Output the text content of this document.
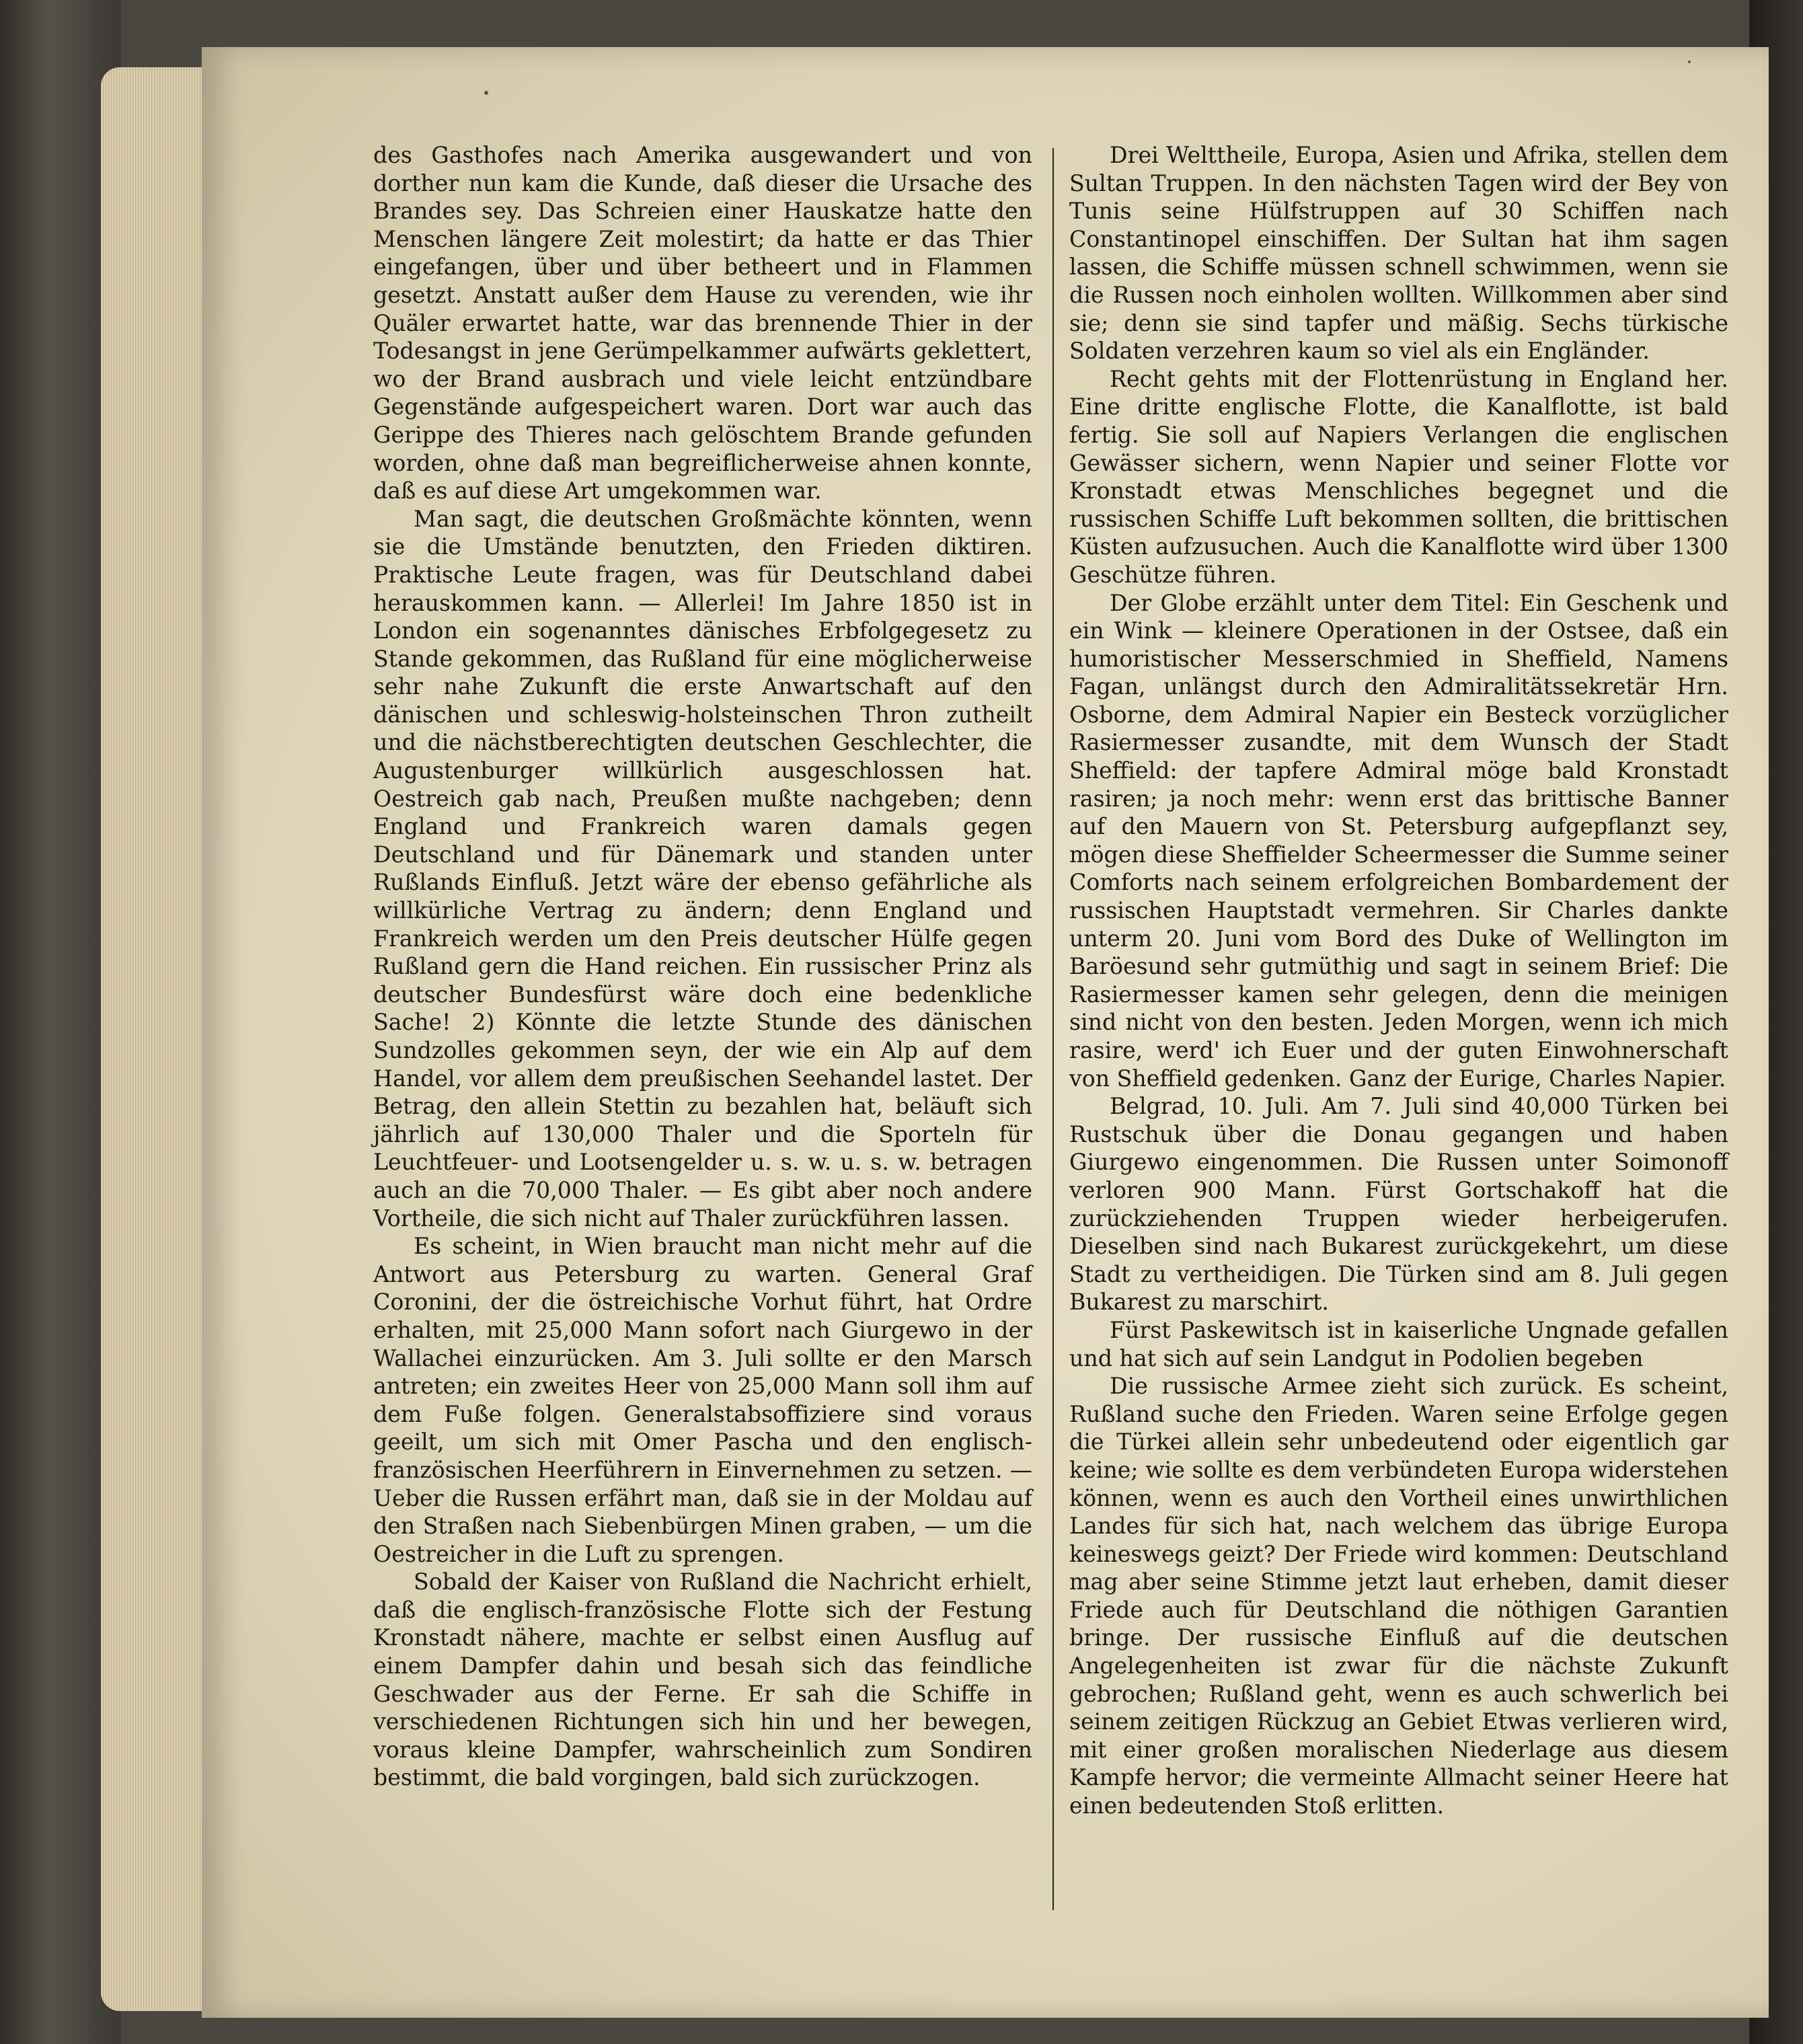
des Gasthofes nach Amerika ausgewandert und von dorther nun kam die Kunde, daß dieser die Ursache des Brandes sey. Das Schreien einer Hauskatze hatte den Menschen längere Zeit molestirt; da hatte er das Thier eingefangen, über und über betheert und in Flammen gesetzt. Anstatt außer dem Hause zu verenden, wie ihr Quäler erwartet hatte, war das brennende Thier in der Todesangst in jene Gerümpelkammer aufwärts geklettert, wo der Brand ausbrach und viele leicht entzündbare Gegenstände aufgespeichert waren. Dort war auch das Gerippe des Thieres nach gelöschtem Brande gefunden worden, ohne daß man begreiflicherweise ahnen konnte, daß es auf diese Art umgekommen war.

Man sagt, die deutschen Großmächte könnten, wenn sie die Umstände benutzten, den Frieden diktiren. Praktische Leute fragen, was für Deutschland dabei herauskommen kann. — Allerlei! Im Jahre 1850 ist in London ein sogenanntes dänisches Erbfolgegesetz zu Stande gekommen, das Rußland für eine möglicherweise sehr nahe Zukunft die erste Anwartschaft auf den dänischen und schleswig-holsteinschen Thron zutheilt und die nächstberechtigten deutschen Geschlechter, die Augustenburger willkürlich ausgeschlossen hat. Oestreich gab nach, Preußen mußte nachgeben; denn England und Frankreich waren damals gegen Deutschland und für Dänemark und standen unter Rußlands Einfluß. Jetzt wäre der ebenso gefährliche als willkürliche Vertrag zu ändern; denn England und Frankreich werden um den Preis deutscher Hülfe gegen Rußland gern die Hand reichen. Ein russischer Prinz als deutscher Bundesfürst wäre doch eine bedenkliche Sache! 2) Könnte die letzte Stunde des dänischen Sundzolles gekommen seyn, der wie ein Alp auf dem Handel, vor allem dem preußischen Seehandel lastet. Der Betrag, den allein Stettin zu bezahlen hat, beläuft sich jährlich auf 130,000 Thaler und die Sporteln für Leuchtfeuer- und Lootsengelder u. s. w. u. s. w. betragen auch an die 70,000 Thaler. — Es gibt aber noch andere Vortheile, die sich nicht auf Thaler zurückführen lassen.

Es scheint, in Wien braucht man nicht mehr auf die Antwort aus Petersburg zu warten. General Graf Coronini, der die östreichische Vorhut führt, hat Ordre erhalten, mit 25,000 Mann sofort nach Giurgewo in der Wallachei einzurücken. Am 3. Juli sollte er den Marsch antreten; ein zweites Heer von 25,000 Mann soll ihm auf dem Fuße folgen. Generalstabsoffiziere sind voraus geeilt, um sich mit Omer Pascha und den englisch-französischen Heerführern in Einvernehmen zu setzen. — Ueber die Russen erfährt man, daß sie in der Moldau auf den Straßen nach Siebenbürgen Minen graben, — um die Oestreicher in die Luft zu sprengen.

Sobald der Kaiser von Rußland die Nachricht erhielt, daß die englisch-französische Flotte sich der Festung Kronstadt nähere, machte er selbst einen Ausflug auf einem Dampfer dahin und besah sich das feindliche Geschwader aus der Ferne. Er sah die Schiffe in verschiedenen Richtungen sich hin und her bewegen, voraus kleine Dampfer, wahrscheinlich zum Sondiren bestimmt, die bald vorgingen, bald sich zurückzogen.

Drei Welttheile, Europa, Asien und Afrika, stellen dem Sultan Truppen. In den nächsten Tagen wird der Bey von Tunis seine Hülfstruppen auf 30 Schiffen nach Constantinopel einschiffen. Der Sultan hat ihm sagen lassen, die Schiffe müssen schnell schwimmen, wenn sie die Russen noch einholen wollten. Willkommen aber sind sie; denn sie sind tapfer und mäßig. Sechs türkische Soldaten verzehren kaum so viel als ein Engländer.

Recht gehts mit der Flottenrüstung in England her. Eine dritte englische Flotte, die Kanalflotte, ist bald fertig. Sie soll auf Napiers Verlangen die englischen Gewässer sichern, wenn Napier und seiner Flotte vor Kronstadt etwas Menschliches begegnet und die russischen Schiffe Luft bekommen sollten, die brittischen Küsten aufzusuchen. Auch die Kanalflotte wird über 1300 Geschütze führen.

Der Globe erzählt unter dem Titel: Ein Geschenk und ein Wink — kleinere Operationen in der Ostsee, daß ein humoristischer Messerschmied in Sheffield, Namens Fagan, unlängst durch den Admiralitätssekretär Hrn. Osborne, dem Admiral Napier ein Besteck vorzüglicher Rasiermesser zusandte, mit dem Wunsch der Stadt Sheffield: der tapfere Admiral möge bald Kronstadt rasiren; ja noch mehr: wenn erst das brittische Banner auf den Mauern von St. Petersburg aufgepflanzt sey, mögen diese Sheffielder Scheermesser die Summe seiner Comforts nach seinem erfolgreichen Bombardement der russischen Hauptstadt vermehren. Sir Charles dankte unterm 20. Juni vom Bord des Duke of Wellington im Baröesund sehr gutmüthig und sagt in seinem Brief: Die Rasiermesser kamen sehr gelegen, denn die meinigen sind nicht von den besten. Jeden Morgen, wenn ich mich rasire, werd' ich Euer und der guten Einwohnerschaft von Sheffield gedenken. Ganz der Eurige, Charles Napier.

Belgrad, 10. Juli. Am 7. Juli sind 40,000 Türken bei Rustschuk über die Donau gegangen und haben Giurgewo eingenommen. Die Russen unter Soimonoff verloren 900 Mann. Fürst Gortschakoff hat die zurückziehenden Truppen wieder herbeigerufen. Dieselben sind nach Bukarest zurückgekehrt, um diese Stadt zu vertheidigen. Die Türken sind am 8. Juli gegen Bukarest zu marschirt.

Fürst Paskewitsch ist in kaiserliche Ungnade gefallen und hat sich auf sein Landgut in Podolien begeben

Die russische Armee zieht sich zurück. Es scheint, Rußland suche den Frieden. Waren seine Erfolge gegen die Türkei allein sehr unbedeutend oder eigentlich gar keine; wie sollte es dem verbündeten Europa widerstehen können, wenn es auch den Vortheil eines unwirthlichen Landes für sich hat, nach welchem das übrige Europa keineswegs geizt? Der Friede wird kommen: Deutschland mag aber seine Stimme jetzt laut erheben, damit dieser Friede auch für Deutschland die nöthigen Garantien bringe. Der russische Einfluß auf die deutschen Angelegenheiten ist zwar für die nächste Zukunft gebrochen; Rußland geht, wenn es auch schwerlich bei seinem zeitigen Rückzug an Gebiet Etwas verlieren wird, mit einer großen moralischen Niederlage aus diesem Kampfe hervor; die vermeinte Allmacht seiner Heere hat einen bedeutenden Stoß erlitten.
